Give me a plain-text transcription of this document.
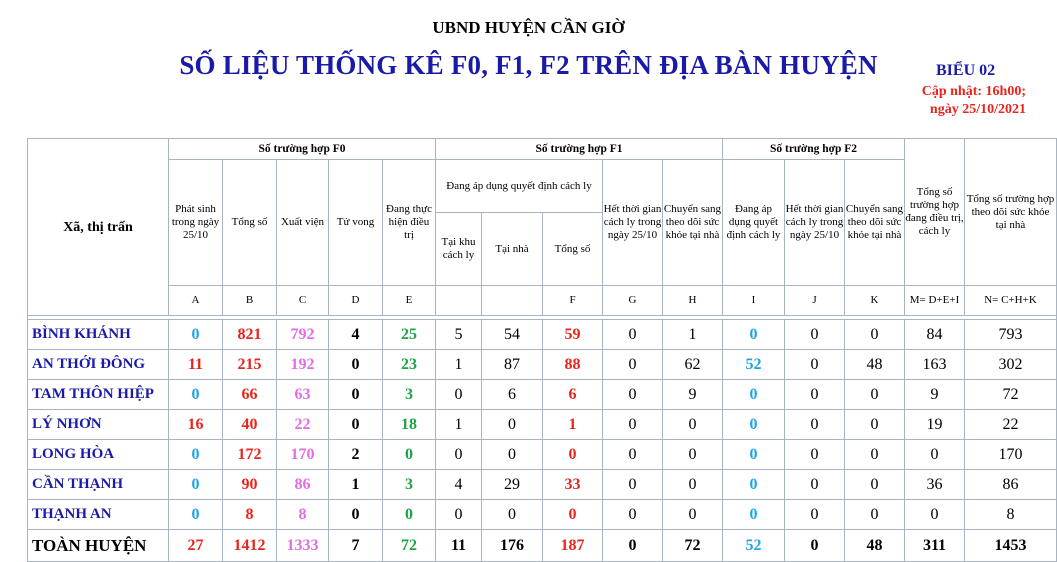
UBND HUYỆN CẦN GIỜ
SỐ LIỆU THỐNG KÊ F0, F1, F2 TRÊN ĐỊA BÀN HUYỆN	BIỂU 02
Cập nhật: 16h00;
ngày 25/10/2021
Xã, thị trấn	Số trường hợp F0					Số trường hợp F1					Số trường hợp F2			Tổng số trường hợp đang điều trị, cách ly	Tổng số trường hợp theo dõi sức khỏe tại nhà
	Phát sinh trong ngày 25/10	Tổng số	Xuất viện	Tử vong	Đang thực hiện điều trị	Đang áp dụng quyết định cách ly			Hết thời gian cách ly trong ngày 25/10	Chuyển sang theo dõi sức khỏe tại nhà	Đang áp dụng quyết định cách ly	Hết thời gian cách ly trong ngày 25/10	Chuyển sang theo dõi sức khỏe tại nhà		
						Tại khu cách ly	Tại nhà	Tổng số							
	A	B	C	D	E			F	G	H	I	J	K	M= D+E+I	N= C+H+K

BÌNH KHÁNH	0	821	792	4	25	5	54	59	0	1	0	0	0	84	793
AN THỚI ĐÔNG	11	215	192	0	23	1	87	88	0	62	52	0	48	163	302
TAM THÔN HIỆP	0	66	63	0	3	0	6	6	0	9	0	0	0	9	72
LÝ NHƠN	16	40	22	0	18	1	0	1	0	0	0	0	0	19	22
LONG HÒA	0	172	170	2	0	0	0	0	0	0	0	0	0	0	170
CẦN THẠNH	0	90	86	1	3	4	29	33	0	0	0	0	0	36	86
THẠNH AN	0	8	8	0	0	0	0	0	0	0	0	0	0	0	8
TOÀN HUYỆN	27	1412	1333	7	72	11	176	187	0	72	52	0	48	311	1453
